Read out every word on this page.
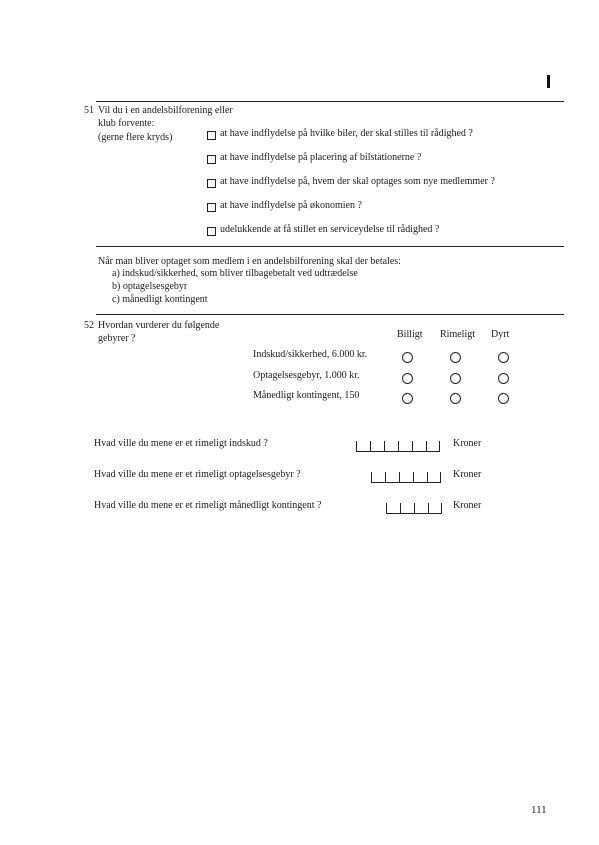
51 Vil du i en andelsbilforening eller
klub forvente:
(gerne flere kryds)	at have indflydelse på hvilke biler, der skal stilles til rådighed ?
at have indflydelse på placering af bilstationerne ?
at have indflydelse på, hvem der skal optages som nye medlemmer ?
at have indflydelse på økonomien ?
udelukkende at få stillet en serviceydelse til rådighed ?
Når man bliver optaget som medlem i en andelsbilforening skal der betales:
a) indskud/sikkerhed, som bliver tilbagebetalt ved udtrædelse
b) optagelsesgebyr
c) månedligt kontingent
52 Hvordan vurderer du følgende
gebyrer ?	Billigt Rimeligt Dyrt
Indskud/sikkerhed, 6.000 kr.
Optagelsesgebyr, 1.000 kr.
Månedligt kontingent, 150
Hvad ville du mene er et rimeligt indskud ?	Kroner
Hvad ville du mene er et rimeligt optagelsesgebyr ?	Kroner
Hvad ville du mene er et rimeligt månedligt kontingent ?	Kroner
111
